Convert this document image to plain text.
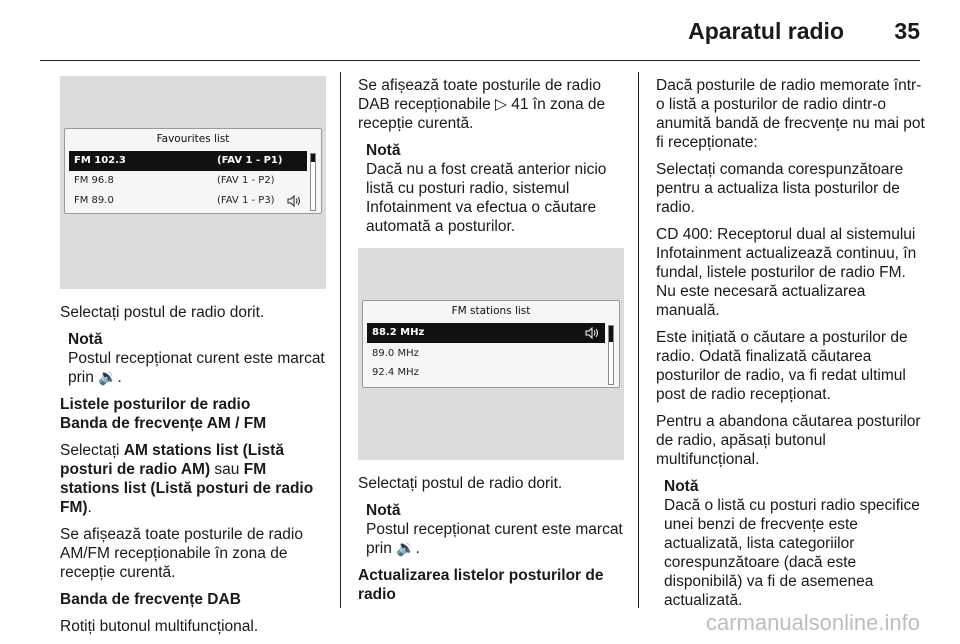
Aparatul radio 35
Favourites list
FM 102.3	(FAV 1 - P1)
FM 96.8	(FAV 1 - P2)
FM 89.0	(FAV 1 - P3)

Selectați postul de radio dorit.

Notă

Postul recepționat curent este marcat prin 🔉.

Listele posturilor de radio

Banda de frecvențe AM / FM

Selectați AM stations list (Listă posturi de radio AM) sau FM stations list (Listă posturi de radio FM).

Se afișează toate posturile de radio AM/FM recepționabile în zona de recepție curentă.

Banda de frecvențe DAB

Rotiți butonul multifuncțional.

Se afișează toate posturile de radio DAB recepționabile ▷ 41 în zona de recepție curentă.

Notă

Dacă nu a fost creată anterior nicio listă cu posturi radio, sistemul Infotainment va efectua o căutare automată a posturilor.

FM stations list
88.2 MHz
89.0 MHz
92.4 MHz

Selectați postul de radio dorit.

Notă

Postul recepționat curent este marcat prin 🔉.

Actualizarea listelor posturilor de radio

Dacă posturile de radio memorate într-o listă a posturilor de radio dintr-o anumită bandă de frecvențe nu mai pot fi recepționate:

Selectați comanda corespunzătoare pentru a actualiza lista posturilor de radio.

CD 400: Receptorul dual al sistemului Infotainment actualizează continuu, în fundal, listele posturilor de radio FM. Nu este necesară actualizarea manuală.

Este inițiată o căutare a posturilor de radio. Odată finalizată căutarea posturilor de radio, va fi redat ultimul post de radio recepționat.

Pentru a abandona căutarea posturilor de radio, apăsați butonul multifuncțional.

Notă

Dacă o listă cu posturi radio specifice unei benzi de frecvențe este actualizată, lista categoriilor corespunzătoare (dacă este disponibilă) va fi de asemenea actualizată.

carmanualsonline.info
